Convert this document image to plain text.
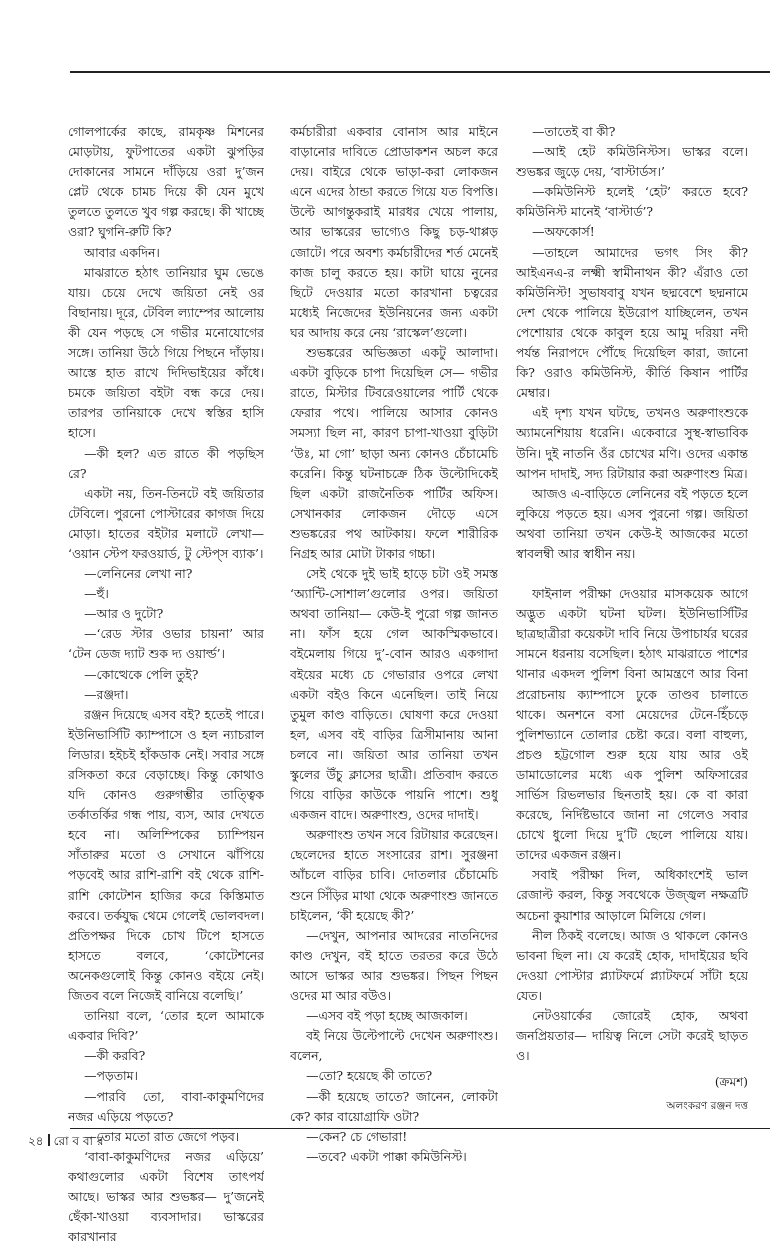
গোলপার্কের কাছে, রামকৃষ্ণ মিশনের মোড়টায়, ফুটপাতের একটা ঝুপড়ির দোকানের সামনে দাঁড়িয়ে ওরা দু’জন প্লেট থেকে চামচ দিয়ে কী যেন মুখে তুলতে তুলতে খুব গল্প করছে। কী খাচ্ছে ওরা? ঘুগনি-রুটি কি?

আবার একদিন।

মাঝরাতে হঠাৎ তানিয়ার ঘুম ভেঙে যায়। চেয়ে দেখে জয়িতা নেই ওর বিছানায়। দূরে, টেবিল ল্যাম্পের আলোয় কী যেন পড়ছে সে গভীর মনোযোগের সঙ্গে। তানিয়া উঠে গিয়ে পিছনে দাঁড়ায়। আস্তে হাত রাখে দিদিভাইয়ের কাঁধে। চমকে জয়িতা বইটা বন্ধ করে দেয়। তারপর তানিয়াকে দেখে স্বস্তির হাসি হাসে।

—কী হল? এত রাতে কী পড়ছিস রে?

একটা নয়, তিন-তিনটে বই জয়িতার টেবিলে। পুরনো পোস্টারের কাগজ দিয়ে মোড়া। হাতের বইটার মলাটে লেখা— ‘ওয়ান স্টেপ ফরওয়ার্ড, টু স্টেপ্‌স ব্যাক’।

—লেনিনের লেখা না?

—হুঁ।

—আর ও দুটো?

—‘রেড স্টার ওভার চায়না’ আর ‘টেন ডেজ দ্যাট শুক দ্য ওয়ার্ল্ড’।

—কোত্থেকে পেলি তুই?

—রঞ্জদা।

রঞ্জন দিয়েছে এসব বই? হতেই পারে। ইউনিভার্সিটি ক্যাম্পাসে ও হল ন্যাচরাল লিডার। হইচই হাঁকডাক নেই। সবার সঙ্গে রসিকতা করে বেড়াচ্ছে। কিন্তু কোথাও যদি কোনও গুরুগম্ভীর তাত্ত্বিক তর্কাতর্কির গন্ধ পায়, ব্যস, আর দেখতে হবে না। অলিম্পিকের চ্যাম্পিয়ন সাঁতারুর মতো ও সেখানে ঝাঁপিয়ে পড়বেই আর রাশি-রাশি বই থেকে রাশি-রাশি কোটেশন হাজির করে কিস্তিমাত করবে। তর্কযুদ্ধ থেমে গেলেই ভোলবদল। প্রতিপক্ষর দিকে চোখ টিপে হাসতে হাসতে বলবে, ‘কোটেশনের অনেকগুলোই কিন্তু কোনও বইয়ে নেই। জিতব বলে নিজেই বানিয়ে বলেছি।’

তানিয়া বলে, ‘তোর হলে আমাকে একবার দিবি?’

—কী করবি?

—পড়তাম।

—পারবি তো, বাবা-কাকুমণিদের নজর এড়িয়ে পড়তে?

—তোর মতো রাত জেগে পড়ব।

‘বাবা-কাকুমণিদের নজর এড়িয়ে’ কথাগুলোর একটা বিশেষ তাৎপর্য আছে। ভাস্কর আর শুভঙ্কর— দু’জনেই ছেঁকা-খাওয়া ব্যবসাদার। ভাস্করের কারখানার

কর্মচারীরা একবার বোনাস আর মাইনে বাড়ানোর দাবিতে প্রোডাকশন অচল করে দেয়। বাইরে থেকে ভাড়া-করা লোকজন এনে এদের ঠান্ডা করতে গিয়ে যত বিপত্তি। উল্টে আগন্তুকরাই মারধর খেয়ে পালায়, আর ভাস্করের ভাগ্যেও কিছু চড়-থাপ্পড় জোটে। পরে অবশ্য কর্মচারীদের শর্ত মেনেই কাজ চালু করতে হয়। কাটা ঘায়ে নুনের ছিটে দেওয়ার মতো কারখানা চত্বরের মধ্যেই নিজেদের ইউনিয়নের জন্য একটা ঘর আদায় করে নেয় ‘রাস্কেল’গুলো।

শুভঙ্করের অভিজ্ঞতা একটু আলাদা। একটা বুড়িকে চাপা দিয়েছিল সে— গভীর রাতে, মিস্টার টিবরেওয়ালের পার্টি থেকে ফেরার পথে। পালিয়ে আসার কোনও সমস্যা ছিল না, কারণ চাপা-খাওয়া বুড়িটা ‘উঃ, মা গো’ ছাড়া অন্য কোনও চেঁচামেচি করেনি। কিন্তু ঘটনাচক্রে ঠিক উল্টোদিকেই ছিল একটা রাজনৈতিক পার্টির অফিস। সেখানকার লোকজন দৌড়ে এসে শুভঙ্করের পথ আটকায়। ফলে শারীরিক নিগ্রহ আর মোটা টাকার গচ্চা।

সেই থেকে দুই ভাই হাড়ে চটা ওই সমস্ত ‘অ্যান্টি-সোশাল’গুলোর ওপর। জয়িতা অথবা তানিয়া— কেউ-ই পুরো গল্প জানত না। ফাঁস হয়ে গেল আকস্মিকভাবে। বইমেলায় গিয়ে দু’-বোন আরও একগাদা বইয়ের মধ্যে চে গেভারার ওপরে লেখা একটা বইও কিনে এনেছিল। তাই নিয়ে তুমুল কাণ্ড বাড়িতে। ঘোষণা করে দেওয়া হল, এসব বই বাড়ির ত্রিসীমানায় আনা চলবে না। জয়িতা আর তানিয়া তখন স্কুলের উঁচু ক্লাসের ছাত্রী। প্রতিবাদ করতে গিয়ে বাড়ির কাউকে পায়নি পাশে। শুধু একজন বাদে। অরুণাংশু, ওদের দাদাই।

অরুণাংশু তখন সবে রিটায়ার করেছেন। ছেলেদের হাতে সংসারের রাশ। সুরঞ্জনা আঁচলে বাড়ির চাবি। দোতলার চেঁচামেচি শুনে সিঁড়ির মাথা থেকে অরুণাংশু জানতে চাইলেন, ‘কী হয়েছে কী?’

—দেখুন, আপনার আদরের নাতনিদের কাণ্ড দেখুন, বই হাতে তরতর করে উঠে আসে ভাস্কর আর শুভঙ্কর। পিছন পিছন ওদের মা আর বউও।

—এসব বই পড়া হচ্ছে আজকাল।

বই নিয়ে উল্টেপাল্টে দেখেন অরুণাংশু। বলেন,

—তো? হয়েছে কী তাতে?

—কী হয়েছে তাতে? জানেন, লোকটা কে? কার বায়োগ্রাফি ওটা?

—কেন? চে গেভারা!

—তবে? একটা পাক্কা কমিউনিস্ট।

—তাতেই বা কী?

—আই হেট কমিউনিস্টস। ভাস্কর বলে। শুভঙ্কর জুড়ে দেয়, ‘বাস্টার্ডস।’

—কমিউনিস্ট হলেই ‘হেট’ করতে হবে? কমিউনিস্ট মানেই ‘বাস্টার্ড’?

—অফকোর্স!

—তাহলে আমাদের ভগৎ সিং কী? আইএনএ-র লক্ষ্মী স্বামীনাথন কী? এঁরাও তো কমিউনিস্ট! সুভাষবাবু যখন ছদ্মবেশে ছদ্মনামে দেশ থেকে পালিয়ে ইউরোপ যাচ্ছিলেন, তখন পেশোয়ার থেকে কাবুল হয়ে আমু দরিয়া নদী পর্যন্ত নিরাপদে পৌঁছে দিয়েছিল কারা, জানো কি? ওরাও কমিউনিস্ট, কীর্তি কিষান পার্টির মেম্বার।

এই দৃশ্য যখন ঘটছে, তখনও অরুণাংশুকে অ্যামনেশিয়ায় ধরেনি। একেবারে সুস্থ-স্বাভাবিক উনি। দুই নাতনি ওঁর চোখের মণি। ওদের একান্ত আপন দাদাই, সদ্য রিটায়ার করা অরুণাংশু মিত্র।

আজও এ-বাড়িতে লেনিনের বই পড়তে হলে লুকিয়ে পড়তে হয়। এসব পুরনো গল্প। জয়িতা অথবা তানিয়া তখন কেউ-ই আজকের মতো স্বাবলম্বী আর স্বাধীন নয়।

ফাইনাল পরীক্ষা দেওয়ার মাসকয়েক আগে অদ্ভুত একটা ঘটনা ঘটল। ইউনিভার্সিটির ছাত্রছাত্রীরা কয়েকটা দাবি নিয়ে উপাচার্যর ঘরের সামনে ধরনায় বসেছিল। হঠাৎ মাঝরাতে পাশের থানার একদল পুলিশ বিনা আমন্ত্রণে আর বিনা প্ররোচনায় ক্যাম্পাসে ঢুকে তাণ্ডব চালাতে থাকে। অনশনে বসা মেয়েদের টেনে-হিঁচড়ে পুলিশভ্যানে তোলার চেষ্টা করে। বলা বাহুল্য, প্রচণ্ড হট্টগোল শুরু হয়ে যায় আর ওই ডামাডোলের মধ্যে এক পুলিশ অফিসারের সার্ভিস রিভলভার ছিনতাই হয়। কে বা কারা করেছে, নির্দিষ্টভাবে জানা না গেলেও সবার চোখে ধুলো দিয়ে দু’টি ছেলে পালিয়ে যায়। তাদের একজন রঞ্জন।

সবাই পরীক্ষা দিল, অধিকাংশেই ভাল রেজাল্ট করল, কিন্তু সবথেকে উজ্জ্বল নক্ষত্রটি অচেনা কুয়াশার আড়ালে মিলিয়ে গেল।

নীল ঠিকই বলেছে। আজ ও থাকলে কোনও ভাবনা ছিল না। যে করেই হোক, দাদাইয়ের ছবি দেওয়া পোস্টার প্ল্যাটফর্মে প্ল্যাটফর্মে সাঁটা হয়ে যেত।

নেটওয়ার্কের জোরেই হোক, অথবা জনপ্রিয়তার— দায়িত্ব নিলে সেটা করেই ছাড়ত ও।

(ক্রমশ)
অলংকরণ রঞ্জন দত্ত
২৪ রো ব বা র
